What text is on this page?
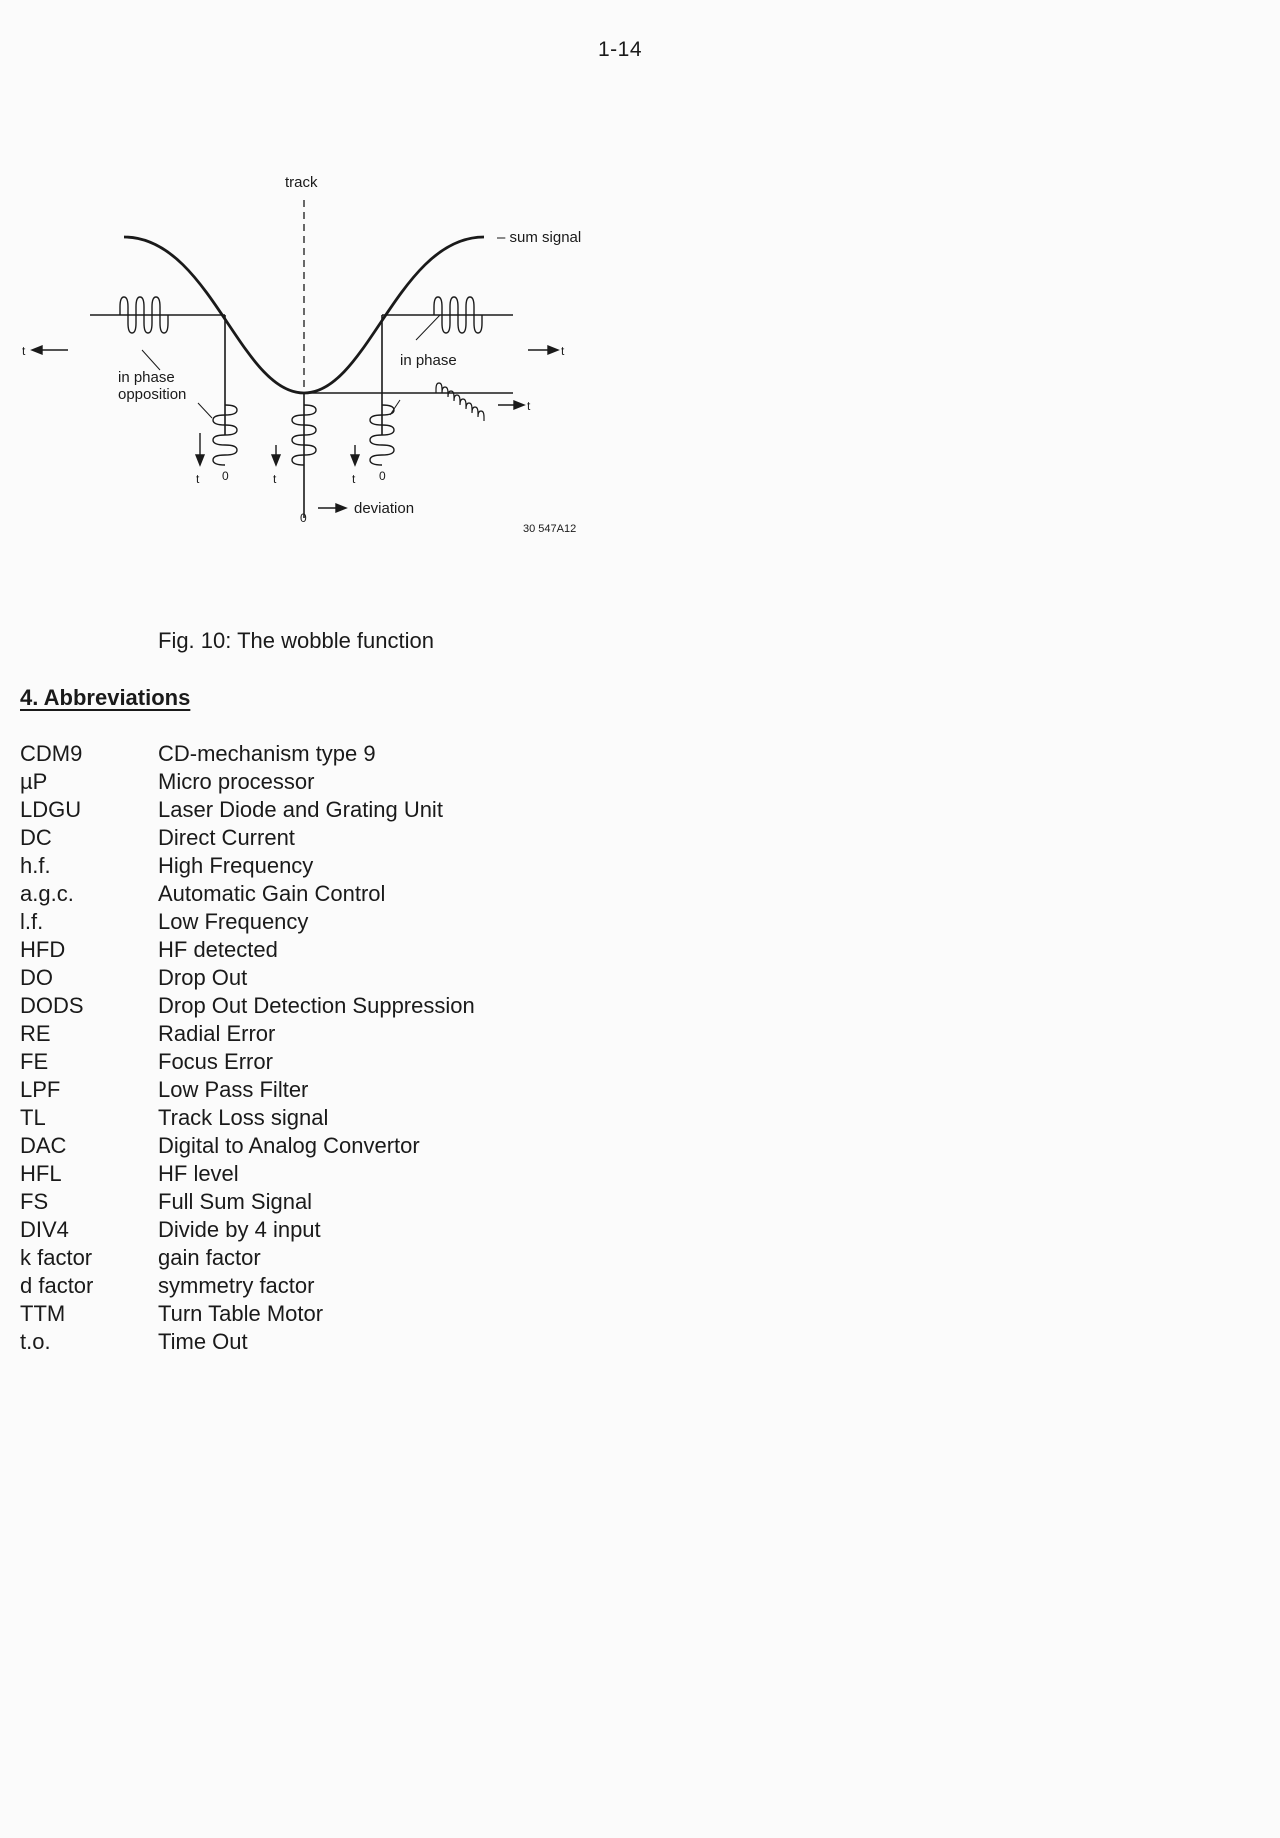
1-14
track
– sum signal
in phase
opposition
in phase
deviation
t	t
t
t 0	t	t 0
0
30 547A12
Fig. 10: The wobble function
4. Abbreviations
CDM9	CD-mechanism type 9
µP	Micro processor
LDGU	Laser Diode and Grating Unit
DC	Direct Current
h.f.	High Frequency
a.g.c.	Automatic Gain Control
l.f.	Low Frequency
HFD	HF detected
DO	Drop Out
DODS	Drop Out Detection Suppression
RE	Radial Error
FE	Focus Error
LPF	Low Pass Filter
TL	Track Loss signal
DAC	Digital to Analog Convertor
HFL	HF level
FS	Full Sum Signal
DIV4	Divide by 4 input
k factor	gain factor
d factor	symmetry factor
TTM	Turn Table Motor
t.o.	Time Out
